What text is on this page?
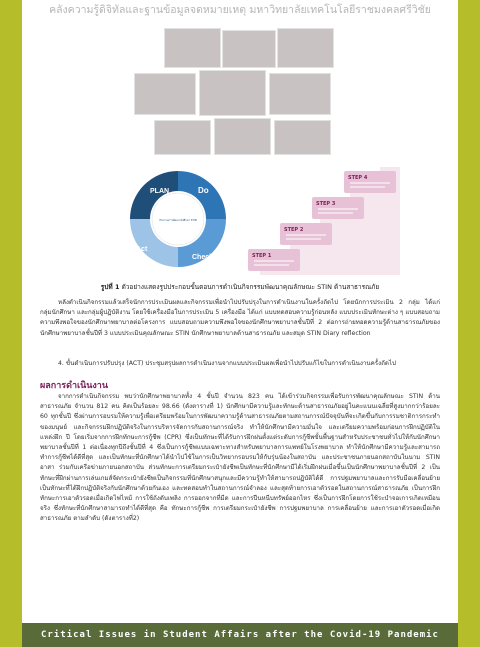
คลังความรู้ดิจิทัลและฐานข้อมูลจดหมายเหตุ มหาวิทยาลัยเทคโนโลยีราชมงคลศรีวิชัย
PLAN	Do
Act
Check
กิจกรรมการพัฒนานักศึกษา STIN
STEP 4
STEP 3
STEP 2
STEP 1
รูปที่ 1 ตัวอย่างแสดงรูปประกอบขั้นตอนการดำเนินกิจกรรมพัฒนาคุณลักษณะ STIN ด้านสาธารณภัย
หลังดำเนินกิจกรรมแล้วเสร็จนักการประเมินผลและกิจกรรมเพื่อนำไปปรับปรุงในการดำเนินงานในครั้งถัดไป โดยนักการประเมิน 2 กลุ่ม ได้แก่ กลุ่มนักศึกษา และกลุ่มผู้ปฏิบัติงาน โดยใช้เครื่องมือในการประเมิน 5 เครื่องมือ ได้แก่ แบบทดสอบความรู้ก่อนหลัง แบบประเมินทักษะต่าง ๆ แบบสอบถามความพึงพอใจของนักศึกษาพยาบาลต่อโครงการ แบบสอบถามความพึงพอใจของนักศึกษาพยาบาลชั้นปีที่ 2 ต่อการถ่ายทอดความรู้ด้านสาธารณภัยของนักศึกษาพยาบาลชั้นปีที่ 3 แบบประเมินคุณลักษณะ STIN นักศึกษาพยาบาลด้านสาธารณภัย และสมุด STIN Diary reflection
4. ขั้นดำเนินการปรับปรุง (ACT) ประชุมสรุปผลการดำเนินงานจากแบบประเมินผลเพื่อนำไปปรับแก้ไขในการดำเนินงานครั้งถัดไป
ผลการดำเนินงาน
จากการดำเนินกิจกรรม พบว่านักศึกษาพยาบาลทั้ง 4 ชั้นปี จำนวน 823 คน ได้เข้าร่วมกิจกรรมเพื่อรับการพัฒนาคุณลักษณะ STIN ด้านสาธารณภัย จำนวน 812 คน คิดเป็นร้อยละ 98.66 (ดังตารางที่ 1) นักศึกษามีความรู้และทักษะด้านสาธารณภัยอยู่ในคะแนนเฉลี่ยที่สูงมากกว่าร้อยละ 60 ทุกชั้นปี ซึ่งผ่านการอบรมให้ความรู้เพื่อเตรียมพร้อมในการพัฒนาความรู้ด้านสาธารณภัยตามสถานการณ์ปัจจุบันที่จะเกิดขึ้นกับการรมชาติการกระทำของมนุษย์ และกิจกรรมฝึกปฏิบัติจริงในการบริหารจัดการกับสถานการณ์จริง ทำให้นักศึกษามีความมั่นใจ และเตรียมความพร้อมก่อนการฝึกปฏิบัติในแหล่งฝึก ปี โดยเริ่มจากการฝึกทักษะการกู้ชีพ (CPR) ซึ่งเป็นทักษะที่ได้รับการฝึกฝนตั้งแต่ระดับการกู้ชีพขั้นพื้นฐานสำหรับประชาชนทั่วไปให้กับนักศึกษาพยาบาลชั้นปีที่ 1 ต่อเนื่องทุกปีถึงชั้นปีที่ 4 ซึ่งเป็นการกู้ชีพแบบเฉพาะทางสำหรับพยาบาลการแพทย์ในโรงพยาบาล ทำให้นักศึกษามีความรู้และสามารถทำการกู้ชีพได้ดีที่สุด และเป็นทักษะที่นักศึกษาได้นำไปใช้ในการเป็นวิทยากรอบรมให้กับรุ่นน้องในสถาบัน และประชาชนภายนอกสถาบันในนาม STIN อาสา ร่วมกับเครือข่ายภายนอกสถาบัน ส่วนทักษะการเตรียมกระเป๋ายังชีพเป็นทักษะที่นักศึกษามีได้เริ่มฝึกฝนเมื่อขึ้นเป็นนักศึกษาพยาบาลชั้นปีที่ 2 เป็นทักษะที่ฝึกผ่านการเล่นเกมส์จัดกระเป๋ายังชีพเป็นกิจกรรมที่นักศึกษาสนุกและมีความรู้ทำให้สามารถปฏิบัติได้ดี การปฐมพยาบาลและการรับมือเคลื่อนย้าย เป็นทักษะที่ได้ฝึกปฏิบัติจริงกับนักศึกษาด้วยกันเอง และทดสอบทำในสถานการณ์จำลอง และสุดท้ายการเอาตัวรอดในสถานการณ์สาธารณภัย เป็นการฝึกทักษะการเอาตัวรอดเมื่อเกิดไฟไหม้ การใช้ถังดับเพลิง การออกจากที่มืด และการปีนหนีบทรัพย์ออกไหร ซึ่งเป็นการฝึกโดยการใช้ระบำจอเการเกิดเหมือนจริง ซึ่งทักษะที่นักศึกษาสามารถทำได้ดีที่สุด คือ ทักษะการกู้ชีพ การเตรียมกระเป๋ายังชีพ การปฐมพยาบาล การเคลื่อนย้าย และการเอาตัวรอดเมื่อเกิดสาธารณภัย ตามลำดับ (ดังตารางที่2)
Critical Issues in Student Affairs after the Covid-19 Pandemic
